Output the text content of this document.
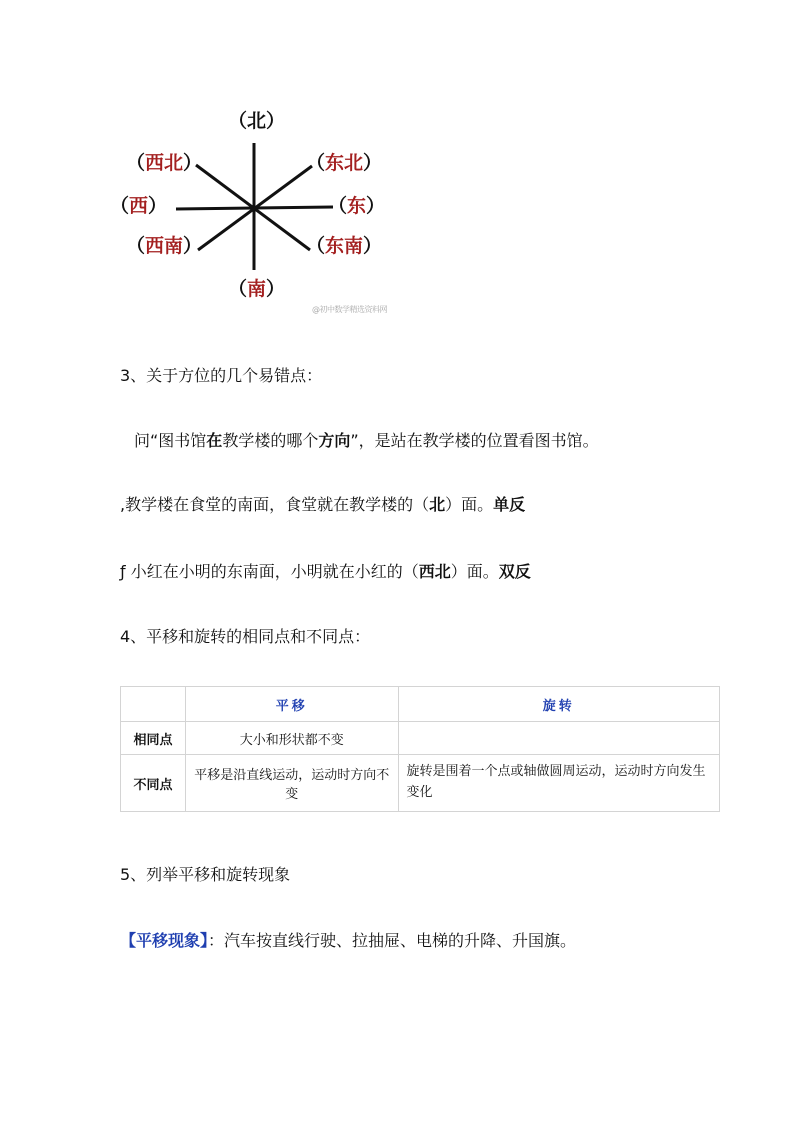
（北）
（西北）	（东北）
（西）	（东）
（西南）	（东南）
（南）
@初中数学精选资料网
3、关于方位的几个易错点：
问“图书馆在教学楼的哪个方向”，是站在教学楼的位置看图书馆。
,教学楼在食堂的南面，食堂就在教学楼的（北）面。单反
ƒ 小红在小明的东南面，小明就在小红的（西北）面。双反
4、平移和旋转的相同点和不同点：
	平移	旋转
相同点	大小和形状都不变	
不同点	平移是沿直线运动，运动时方向不变	旋转是围着一个点或轴做圆周运动，运动时方向发生变化
5、列举平移和旋转现象
【平移现象】：汽车按直线行驶、拉抽屉、电梯的升降、升国旗。
